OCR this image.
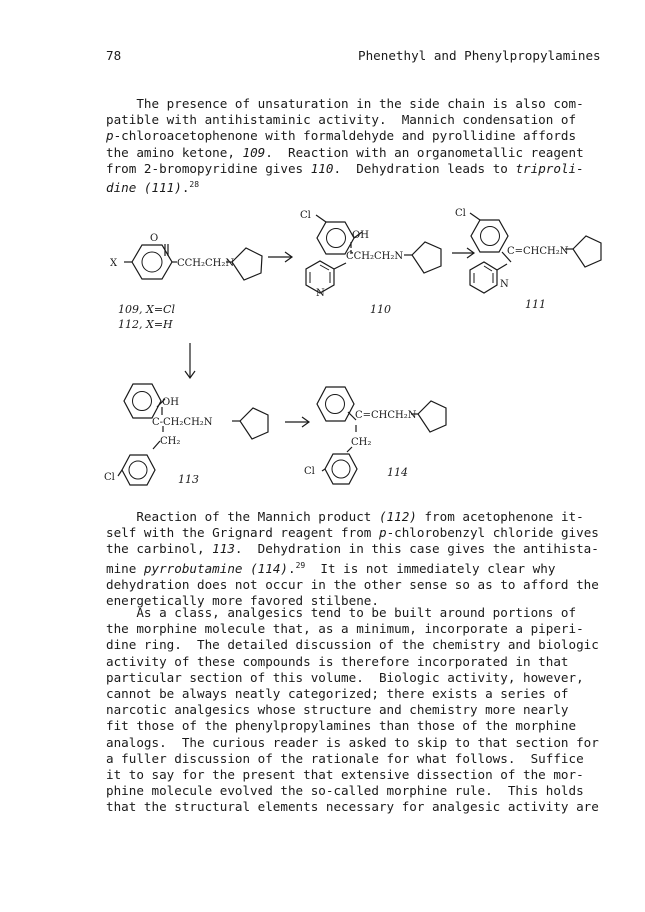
78	Phenethyl and Phenylpropylamines

The presence of unsaturation in the side chain is also com-
patible with antihistaminic activity.  Mannich condensation of
p-chloroacetophenone with formaldehyde and pyrollidine affords
the amino ketone, 109.  Reaction with an organometallic reagent
from 2-bromopyridine gives 110.  Dehydration leads to triproli-
dine (111).$^{28}$

O
X	CCH₂CH₂N
109, X=Cl
112, X=H
Cl
OH
CCH₂CH₂N
N
110
Cl
C=CHCH₂N
N
111
OH
C-CH₂CH₂N
CH₂
Cl	113
C=CHCH₂N
CH₂
Cl	114

Reaction of the Mannich product (112) from acetophenone it-
self with the Grignard reagent from p-chlorobenzyl chloride gives
the carbinol, 113.  Dehydration in this case gives the antihista-
mine pyrrobutamine (114).$^{29}$  It is not immediately clear why
dehydration does not occur in the other sense so as to afford the
energetically more favored stilbene.

As a class, analgesics tend to be built around portions of
the morphine molecule that, as a minimum, incorporate a piperi-
dine ring.  The detailed discussion of the chemistry and biologic
activity of these compounds is therefore incorporated in that
particular section of this volume.  Biologic activity, however,
cannot be always neatly categorized; there exists a series of
narcotic analgesics whose structure and chemistry more nearly
fit those of the phenylpropylamines than those of the morphine
analogs.  The curious reader is asked to skip to that section for
a fuller discussion of the rationale for what follows.  Suffice
it to say for the present that extensive dissection of the mor-
phine molecule evolved the so-called morphine rule.  This holds
that the structural elements necessary for analgesic activity are
